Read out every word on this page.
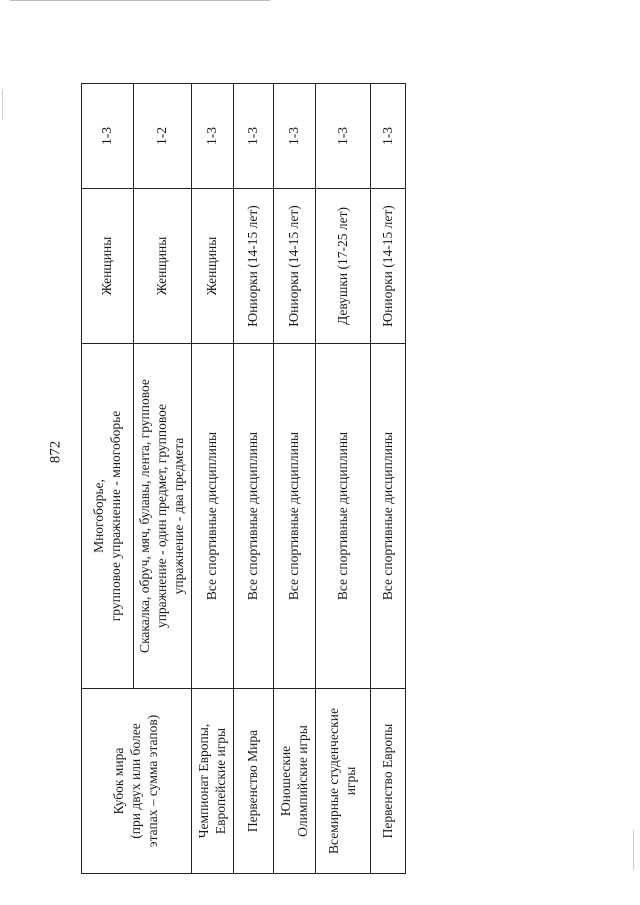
872
Кубок мира (при двух или более этапах – сумма этапов)	Многоборье, групповое упражнение - многоборье	Женщины	1-3
	Скакалка, обруч, мяч, булавы, лента, групповое упражнение - один предмет, групповое упражнение - два предмета	Женщины	1-2
Чемпионат Европы, Европейские игры	Все спортивные дисциплины	Женщины	1-3
Первенство Мира	Все спортивные дисциплины	Юниорки (14-15 лет)	1-3
Юношеские Олимпийские игры	Все спортивные дисциплины	Юниорки (14-15 лет)	1-3
Всемирные студенческие игры	Все спортивные дисциплины	Девушки (17-25 лет)	1-3
Первенство Европы	Все спортивные дисциплины	Юниорки (14-15 лет)	1-3
